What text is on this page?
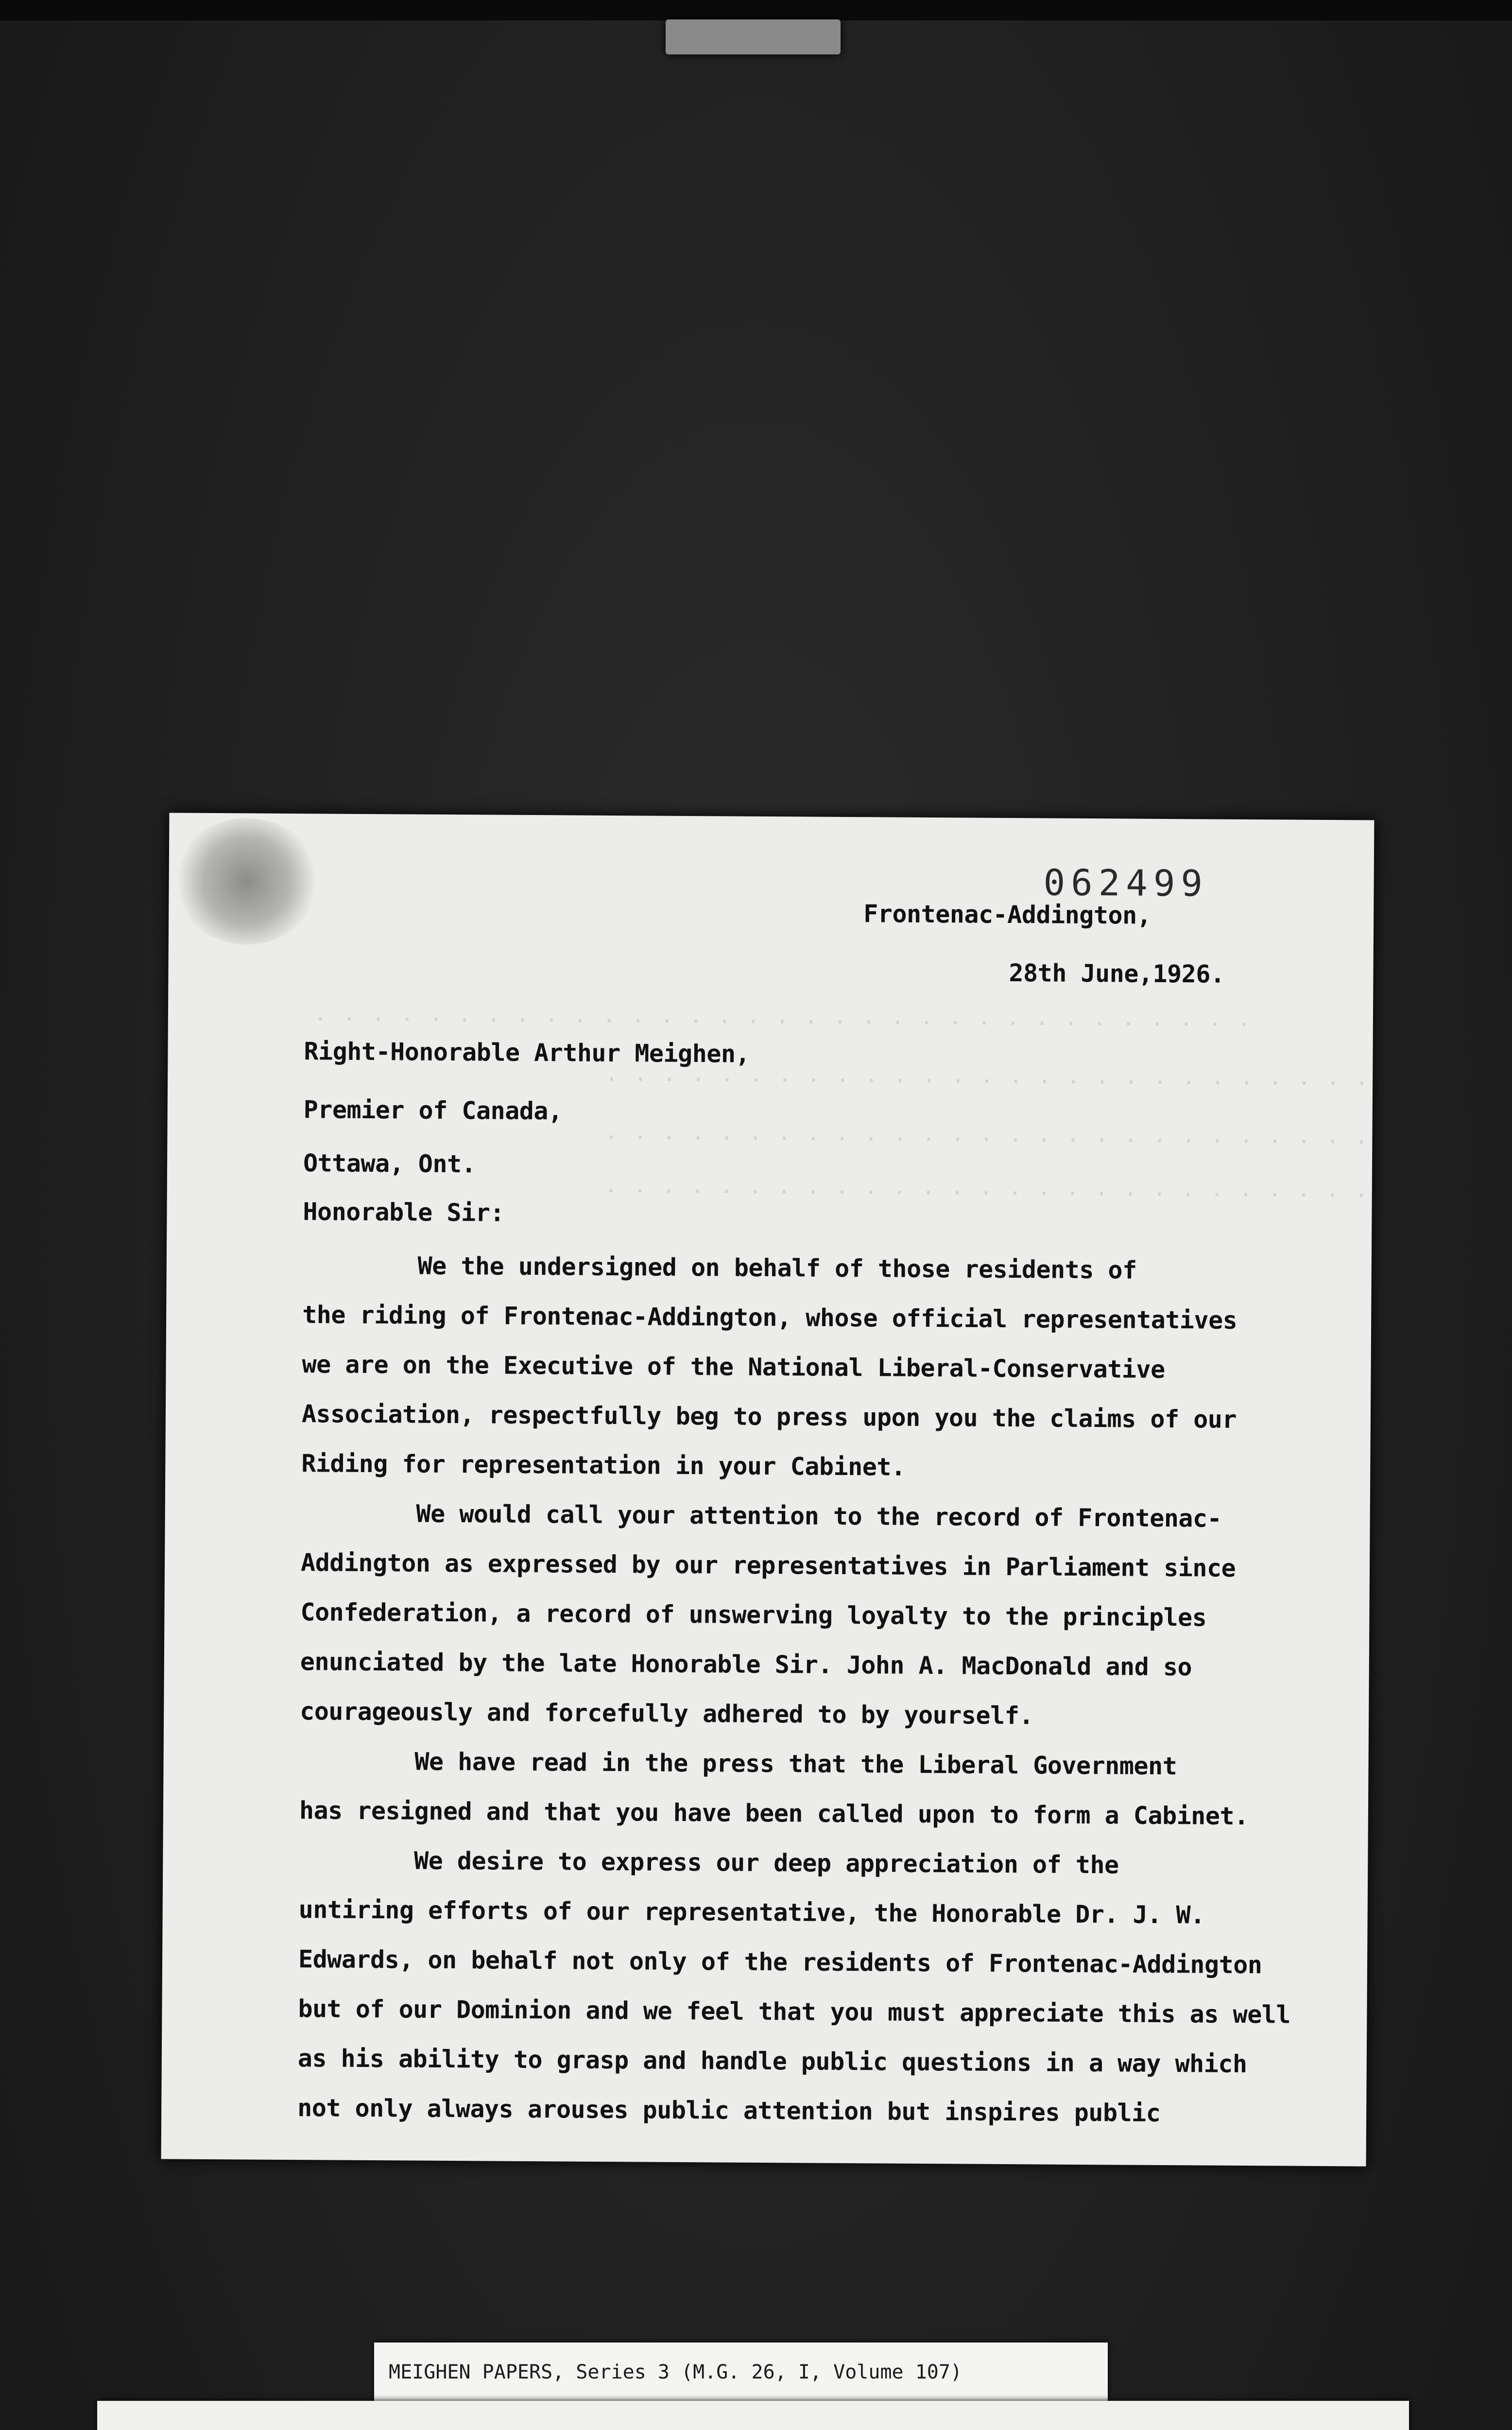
· · · · · · · · · · · · · · · · · · · · · · · · · · · · · · · · ·
· · · · · · · · · · · · · · · · · · · · · · · · · · ·
· · · · · · · · · · · · · · · · · · · · · · · · · · ·
· · · · · · · · · · · · · · · · · · · · · · · · · · ·
062499
Frontenac-Addington,
28th June,1926.
Right-Honorable Arthur Meighen,
Premier of Canada,
Ottawa, Ont.
Honorable Sir:
We the undersigned on behalf of those residents of
the riding of Frontenac-Addington, whose official representatives
we are on the Executive of the National Liberal-Conservative
Association, respectfully beg to press upon you the claims of our
Riding for representation in your Cabinet.
We would call your attention to the record of Frontenac-
Addington as expressed by our representatives in Parliament since
Confederation, a record of unswerving loyalty to the principles
enunciated by the late Honorable Sir. John A. MacDonald and so
courageously and forcefully adhered to by yourself.
We have read in the press that the Liberal Government
has resigned and that you have been called upon to form a Cabinet.
We desire to express our deep appreciation of the
untiring efforts of our representative, the Honorable Dr. J. W.
Edwards, on behalf not only of the residents of Frontenac-Addington
but of our Dominion and we feel that you must appreciate this as well
as his ability to grasp and handle public questions in a way which
not only always arouses public attention but inspires public
MEIGHEN PAPERS, Series 3 (M.G. 26, I, Volume 107)
